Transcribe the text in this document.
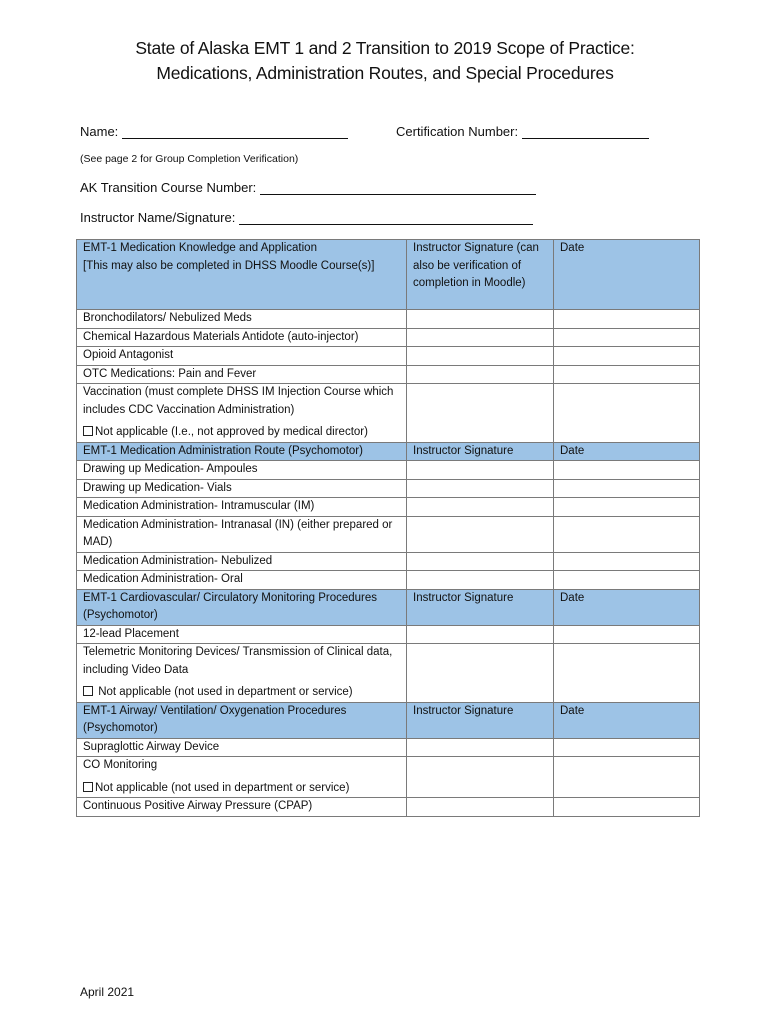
State of Alaska EMT 1 and 2 Transition to 2019 Scope of Practice:
Medications, Administration Routes, and Special Procedures
Name:	Certification Number:
(See page 2 for Group Completion Verification)
AK Transition Course Number:
Instructor Name/Signature:
EMT-1 Medication Knowledge and Application
[This may also be completed in DHSS Moodle Course(s)]	Instructor Signature (can also be verification of completion in Moodle)	Date
Bronchodilators/ Nebulized Meds		
Chemical Hazardous Materials Antidote (auto-injector)		
Opioid Antagonist		
OTC Medications: Pain and Fever		

Vaccination (must complete DHSS IM Injection Course which includes CDC Vaccination Administration)
Not applicable (I.e., not approved by medical director)		

EMT-1 Medication Administration Route (Psychomotor)	Instructor Signature	Date
Drawing up Medication- Ampoules		
Drawing up Medication- Vials		
Medication Administration- Intramuscular (IM)		
Medication Administration- Intranasal (IN) (either prepared or MAD)		
Medication Administration- Nebulized		
Medication Administration- Oral		
EMT-1 Cardiovascular/ Circulatory Monitoring Procedures (Psychomotor)	Instructor Signature	Date
12-lead Placement		

Telemetric Monitoring Devices/ Transmission of Clinical data, including Video Data
Not applicable (not used in department or service)		

EMT-1 Airway/ Ventilation/ Oxygenation Procedures (Psychomotor)	Instructor Signature	Date
Supraglottic Airway Device		

CO Monitoring
Not applicable (not used in department or service)		

Continuous Positive Airway Pressure (CPAP)		
April 2021
